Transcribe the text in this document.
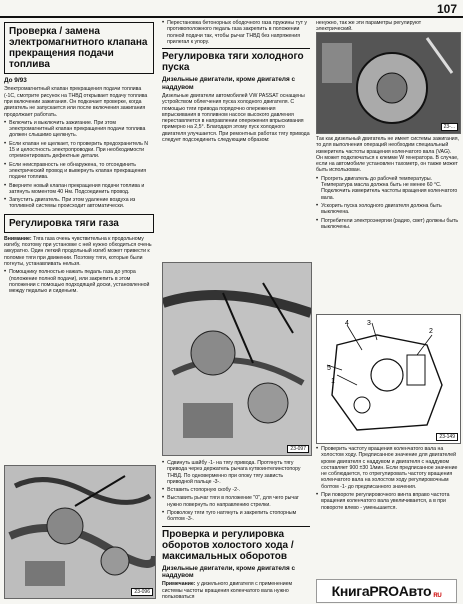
107
Проверка / замена электромагнитного клапана прекращения подачи топлива

До 9/93

Электромагнитный клапан прекращения подачи топлива (-1С, смотрите рисунок на ТНВД открывает подачу топлива при включении зажигания. Он подкачает проверке, когда двигатель не запускается или после включения зажигания продолжает работать.

• Включить и выключить зажигание. При этом электромагнитный клапан прекращения подачи топлива должен слышимо щелкнуть.
• Если клапан не щелкает, то проверить предохранитель N 15 и целостность электропроводки. При необходимости отремонтировать дефектные детали.
• Если неисправность не обнаружена, то отсоединить электрический провод и вывернуть клапан прекращения подачи топлива.
• Вверните новый клапан прекращения подачи топлива и затянуть моментом 40 Нм. Подсоединить провод.
• Запустить двигатель. При этом удаление воздуха из топливной системы происходит автоматически.
Регулировка тяги газа

Внимание: Тяга газа очень чувствительна к продольному изгибу, поэтому при установке с ней нужно обходиться очень аккуратно. Один легкий продольный изгиб может привести к поломке тяги при движении. Поэтому тяги, которые были погнуты, устанавливать нельзя.

• Помощнику полностью нажать педаль газа до упора (положение полной подачи), или закрепить в этом положении с помощью подходящей доски, установленной между педалью и сиденьем.
• Перестановка бетонорных ободочного газа пружины тут у противоположного педаль газа закрепить в положении полной подачи так, чтобы рычаг ТНВД без напряжения прилегал к упору.
Регулировка тяги холодного пуска

Дизельные двигатели, кроме двигателя с наддувом

Дизельные двигатели автомобилей VW PASSAT оснащены устройством облегчения пуска холодного двигателя. С помощью тяги привода порядочно опережения впрыскивания в топливном насосе высокого давления переставляется в направлении опережения впрыскивания примерно на 2,5°. Благодаря этому пуск холодного двигателя улучшается. При ремонтных работах тягу привода следует подсоединить следующим образом:

• Сдвинуть шайбу -1- на тягу привода. Протянуть тягу привода через держатель рычага кутвоинтелинстопору ТНВД. По одноверменно при опоку тягу зависть приводной пальце -3-.
• Вставить стопорную скобу -2-.
• Выставить рычаг тяги в положение "0", для чего рычаг нужно повернуть по направлению стрелки.
• Проволоку тяги туго натянуть и закрепить стопорным болтом -3-.
Проверка и регулировка оборотов холостого хода / максимальных оборотов

Дизельные двигатели, кроме двигателя с наддувом

Примечание: у дизельного двигателя с применением системы частоты вращения коленчатого вала нужно пользоваться

ненужно, так же эти параметры регулируют электрический.

Так как дизельный двигатель не имеет системы зажигания, то для выполнения операций необходим специальный измеритель частоты вращения коленчатого вала (VAG). Он может подключаться к клемме W генератора. В случае, если на автомобиле установлен тахометр, он также может быть использован.

• Прогреть двигатель до рабочей температуры. Температура масла должна быть не менее 60 °С. Подключить измеритель частоты вращения коленчатого вала.
• Ускорить пуска холодного двигателя должна быть выключена.
• Потребители электроэнергии (радио, свет) должны быть выключены.
• Проверить частоту вращения коленчатого вала на холостом ходу. Предписанное значение для двигателей кроме двигателя с наддувом и двигателя с наддувом составляет 900 ±30 1/мин. Если предписанное значение не соблюдается, то отрегулировать частоту вращения коленчатого вала на холостом ходу регулировочным болтом -1- до предписанного значения.
• При повороте регулировочного винта вправо частота вращения коленчатого вала увеличивается, а в при повороте влево - уменьшается.
23-096
23-097
23-...
5
4	3
2
1
23-149
КнигаPROАвто RU
